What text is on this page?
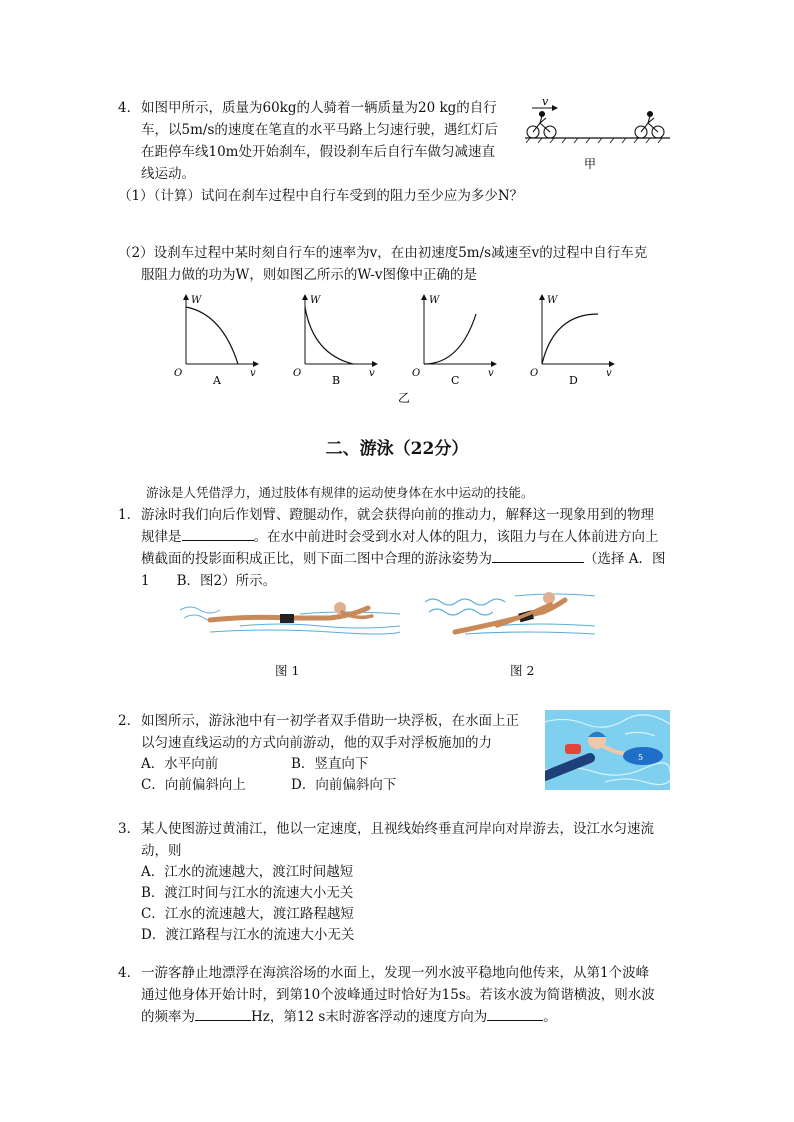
4． 如图甲所示，质量为60kg的人骑着一辆质量为20 kg的自行
车，以5m/s的速度在笔直的水平马路上匀速行驶，遇红灯后
在距停车线10m处开始刹车，假设刹车后自行车做匀减速直
线运动。
v
甲
（1）（计算）试问在刹车过程中自行车受到的阻力至少应为多少N？
（2）设刹车过程中某时刻自行车的速率为v，在由初速度5m/s减速至v的过程中自行车克
服阻力做的功为W，则如图乙所示的W-v图像中正确的是
W
O	v
A
W
O	v
B
W
O	v
C
W
O	v
D
乙
二、游泳（22分）
游泳是人凭借浮力，通过肢体有规律的运动使身体在水中运动的技能。
1． 游泳时我们向后作划臂、蹬腿动作，就会获得向前的推动力，解释这一现象用到的物理
规律是	。在水中前进时会受到水对人体的阻力，该阻力与在人体前进方向上
横截面的投影面积成正比，则下面二图中合理的游泳姿势为	（选择 A．图
1　　B．图2）所示。
图 1	图 2
2． 如图所示，游泳池中有一初学者双手借助一块浮板，在水面上正
以匀速直线运动的方式向前游动，他的双手对浮板施加的力
A．水平向前	B．竖直向下
C．向前偏斜向上	D．向前偏斜向下
5
3． 某人使图游过黄浦江，他以一定速度，且视线始终垂直河岸向对岸游去，设江水匀速流
动，则
A．江水的流速越大，渡江时间越短
B．渡江时间与江水的流速大小无关
C．江水的流速越大，渡江路程越短
D．渡江路程与江水的流速大小无关
4． 一游客静止地漂浮在海滨浴场的水面上，发现一列水波平稳地向他传来，从第1个波峰
通过他身体开始计时，到第10个波峰通过时恰好为15s。若该水波为简谐横波，则水波
的频率为	Hz，第12 s末时游客浮动的速度方向为	。
